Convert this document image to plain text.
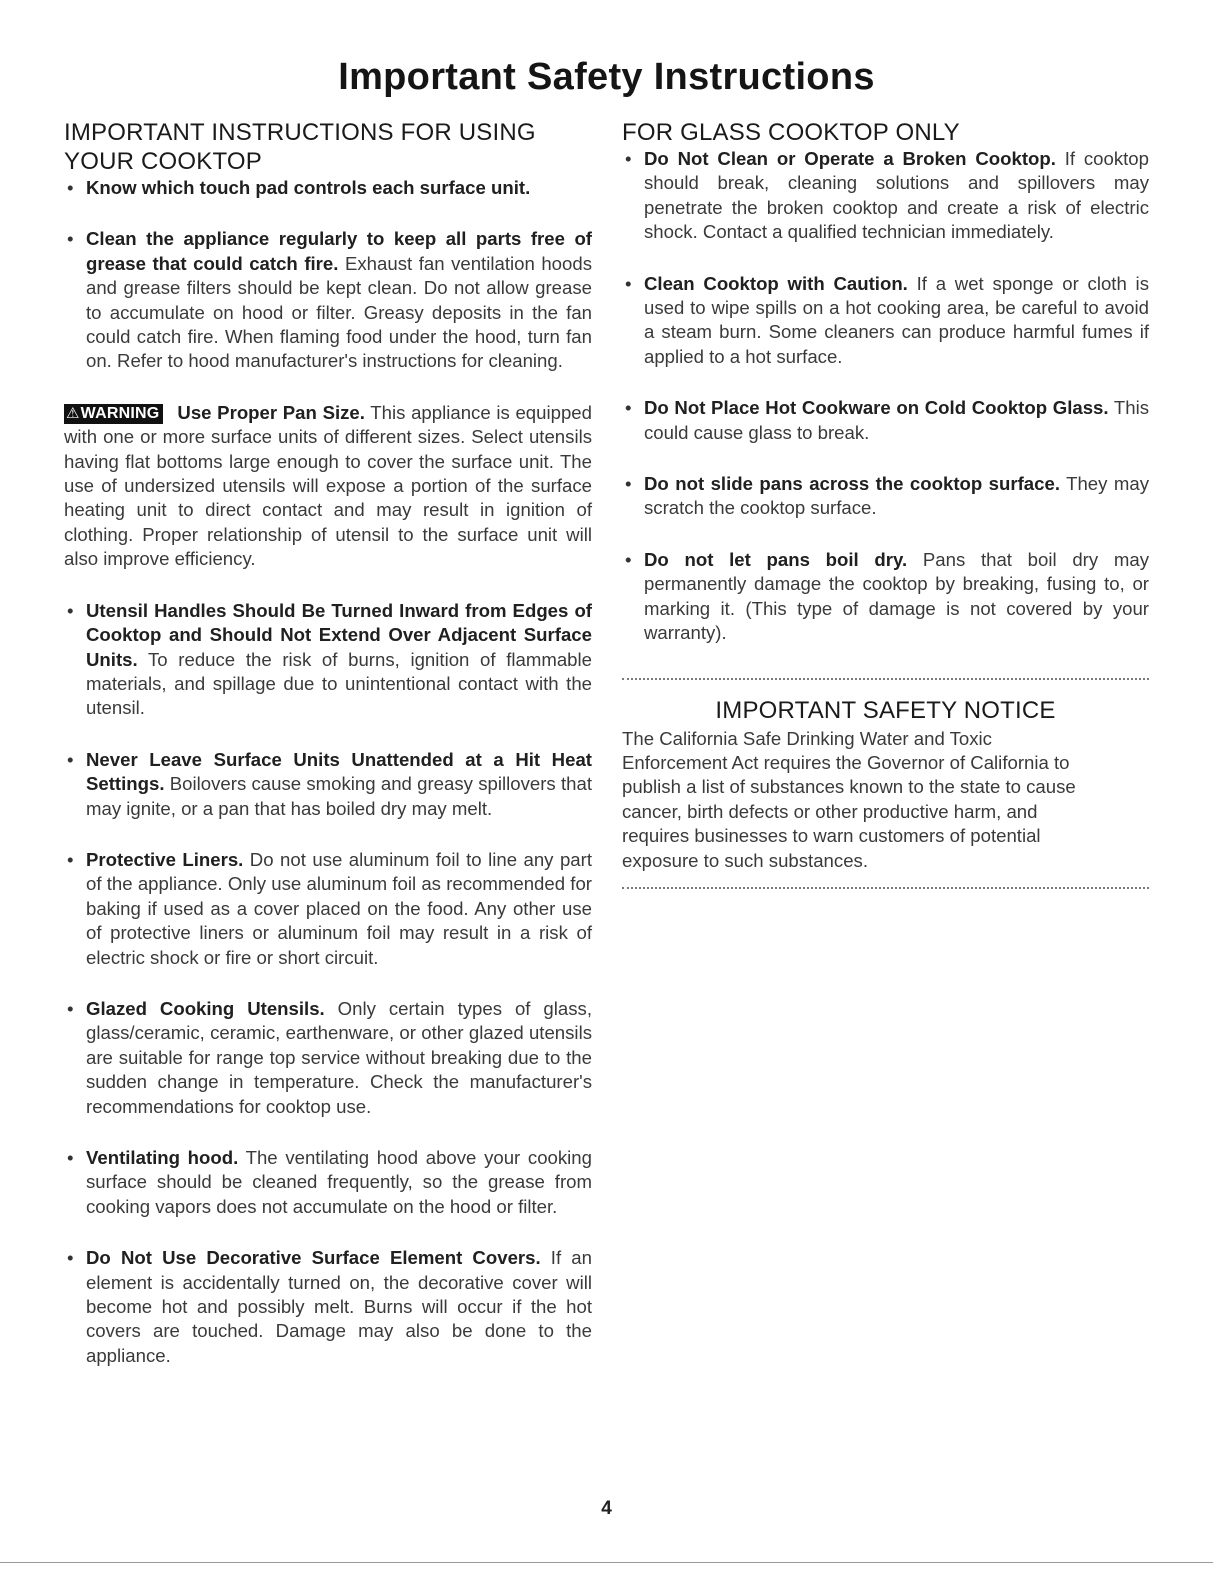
Important Safety Instructions
IMPORTANT INSTRUCTIONS FOR USING YOUR COOKTOP
• Know which touch pad controls each surface unit.
• Clean the appliance regularly to keep all parts free of grease that could catch fire. Exhaust fan ventilation hoods and grease filters should be kept clean. Do not allow grease to accumulate on hood or filter. Greasy deposits in the fan could catch fire. When flaming food under the hood, turn fan on. Refer to hood manufacturer's instructions for cleaning.
⚠WARNING Use Proper Pan Size. This appliance is equipped with one or more surface units of different sizes. Select utensils having flat bottoms large enough to cover the surface unit. The use of undersized utensils will expose a portion of the surface heating unit to direct contact and may result in ignition of clothing. Proper relationship of utensil to the surface unit will also improve efficiency.
• Utensil Handles Should Be Turned Inward from Edges of Cooktop and Should Not Extend Over Adjacent Surface Units. To reduce the risk of burns, ignition of flammable materials, and spillage due to unintentional contact with the utensil.
• Never Leave Surface Units Unattended at a Hit Heat Settings. Boilovers cause smoking and greasy spillovers that may ignite, or a pan that has boiled dry may melt.
• Protective Liners. Do not use aluminum foil to line any part of the appliance. Only use aluminum foil as recommended for baking if used as a cover placed on the food. Any other use of protective liners or aluminum foil may result in a risk of electric shock or fire or short circuit.
• Glazed Cooking Utensils. Only certain types of glass, glass/ceramic, ceramic, earthenware, or other glazed utensils are suitable for range top service without breaking due to the sudden change in temperature. Check the manufacturer's recommendations for cooktop use.
• Ventilating hood. The ventilating hood above your cooking surface should be cleaned frequently, so the grease from cooking vapors does not accumulate on the hood or filter.
• Do Not Use Decorative Surface Element Covers. If an element is accidentally turned on, the decorative cover will become hot and possibly melt. Burns will occur if the hot covers are touched. Damage may also be done to the appliance.
FOR GLASS COOKTOP ONLY
• Do Not Clean or Operate a Broken Cooktop. If cooktop should break, cleaning solutions and spillovers may penetrate the broken cooktop and create a risk of electric shock. Contact a qualified technician immediately.
• Clean Cooktop with Caution. If a wet sponge or cloth is used to wipe spills on a hot cooking area, be careful to avoid a steam burn. Some cleaners can produce harmful fumes if applied to a hot surface.
• Do Not Place Hot Cookware on Cold Cooktop Glass. This could cause glass to break.
• Do not slide pans across the cooktop surface. They may scratch the cooktop surface.
• Do not let pans boil dry. Pans that boil dry may permanently damage the cooktop by breaking, fusing to, or marking it. (This type of damage is not covered by your warranty).
IMPORTANT SAFETY NOTICE
The California Safe Drinking Water and Toxic Enforcement Act requires the Governor of California to publish a list of substances known to the state to cause cancer, birth defects or other productive harm, and requires businesses to warn customers of potential exposure to such substances.
4
